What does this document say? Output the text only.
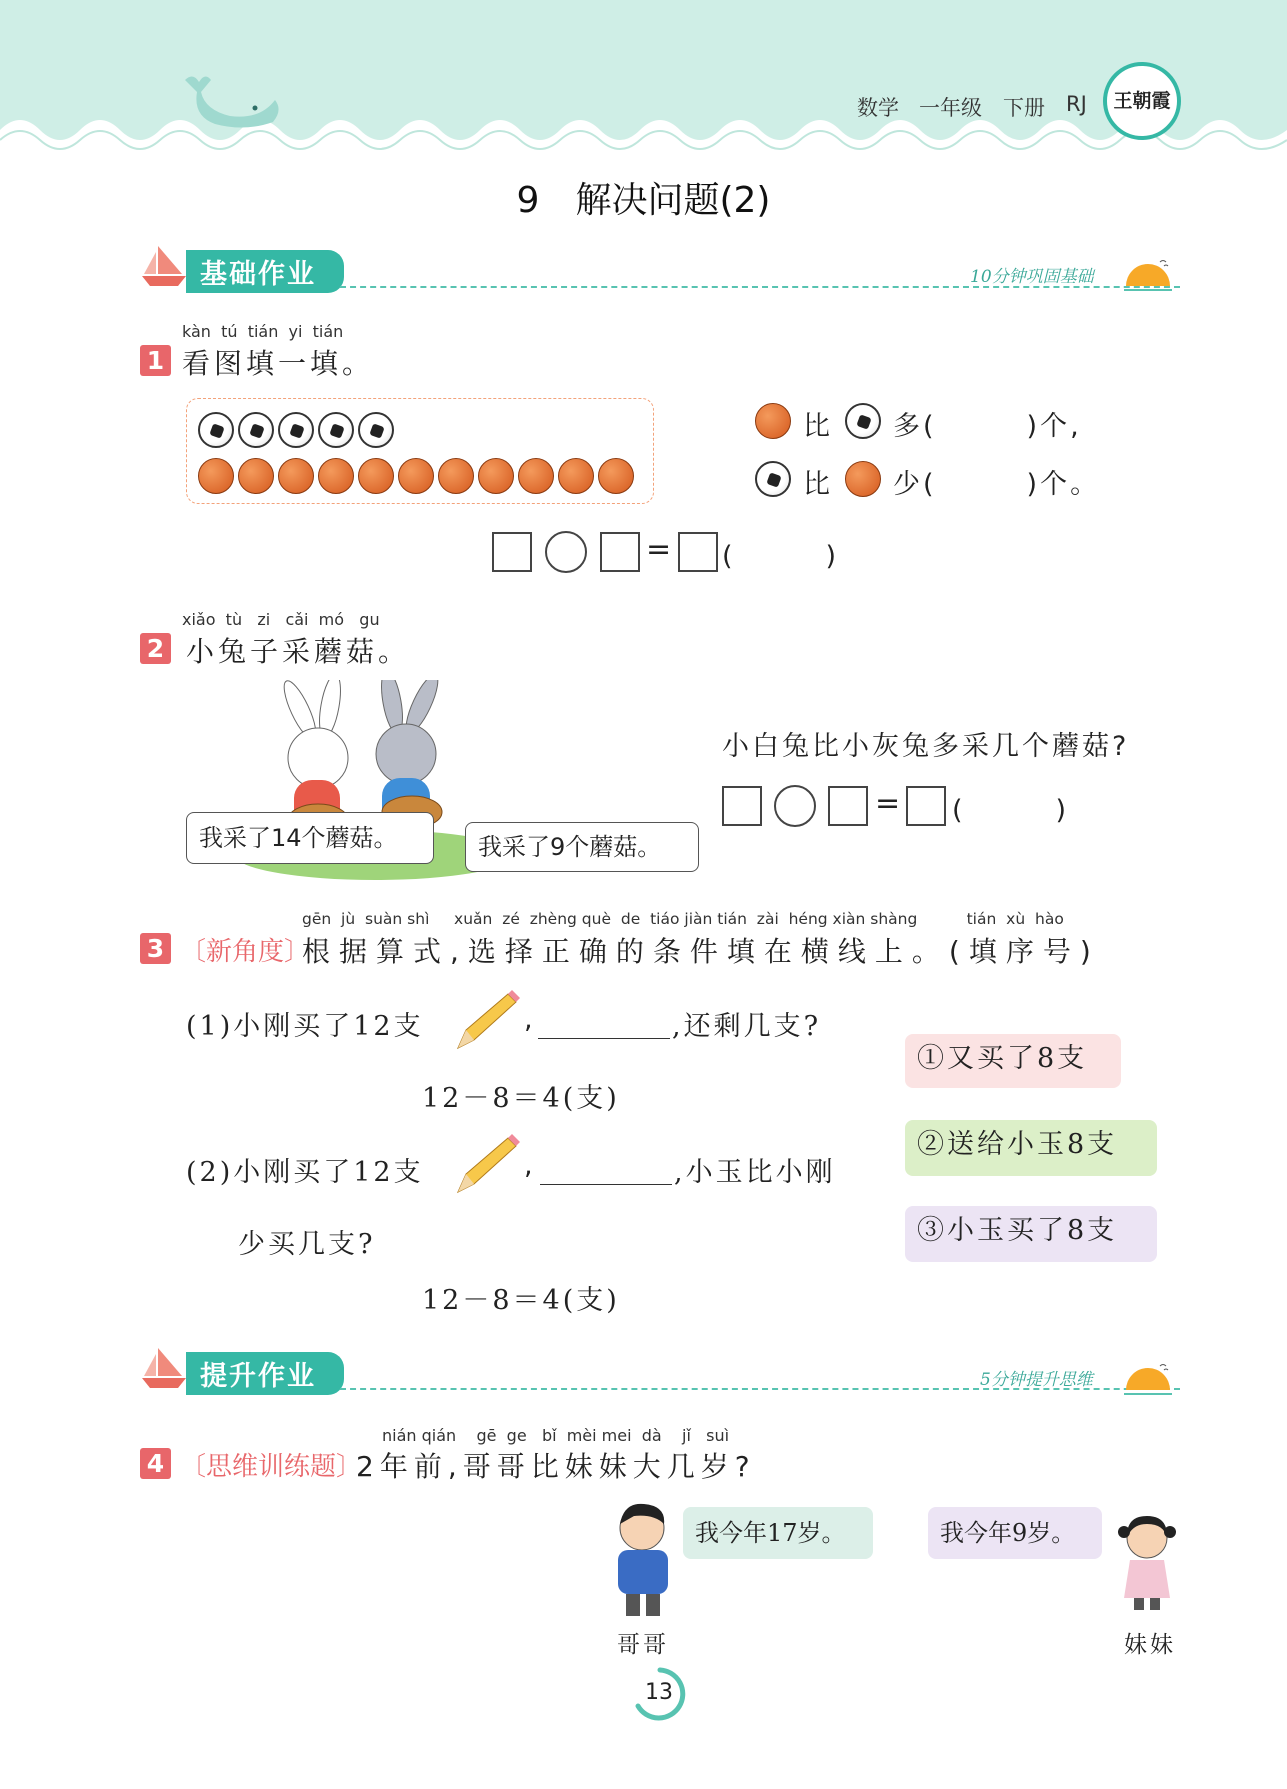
数学 一年级 下册 RJ 王朝霞
9　解决问题(2)
基础作业	10分钟巩固基础
kàn  tú  tián  yi  tián
1 看图填一填。
比 多(　　　)个,
比 少(　　　)个。
= (　　　)
xiǎo  tù   zi   cǎi  mó   gu
2 小兔子采蘑菇。
我采了14个蘑菇。	我采了9个蘑菇。
小白兔比小灰兔多采几个蘑菇?
= (　　　)
gēn  jù  suàn shì     xuǎn  zé  zhèng què  de  tiáo jiàn tián  zài  héng xiàn shàng          tián  xù  hào
3 〔新角度〕
根据算式,选择正确的条件填在横线上。(填序号)
(1)小刚买了12支	,	,还剩几支?
12－8＝4(支)
(2)小刚买了12支	,	,小玉比小刚
少买几支?
12－8＝4(支)
①又买了8支
②送给小玉8支
③小玉买了8支
提升作业	5分钟提升思维
nián qián    gē  ge   bǐ  mèi mei  dà    jǐ   suì
4 〔思维训练题〕
2年前,哥哥比妹妹大几岁?
我今年17岁。
哥哥
我今年9岁。
妹妹
13
